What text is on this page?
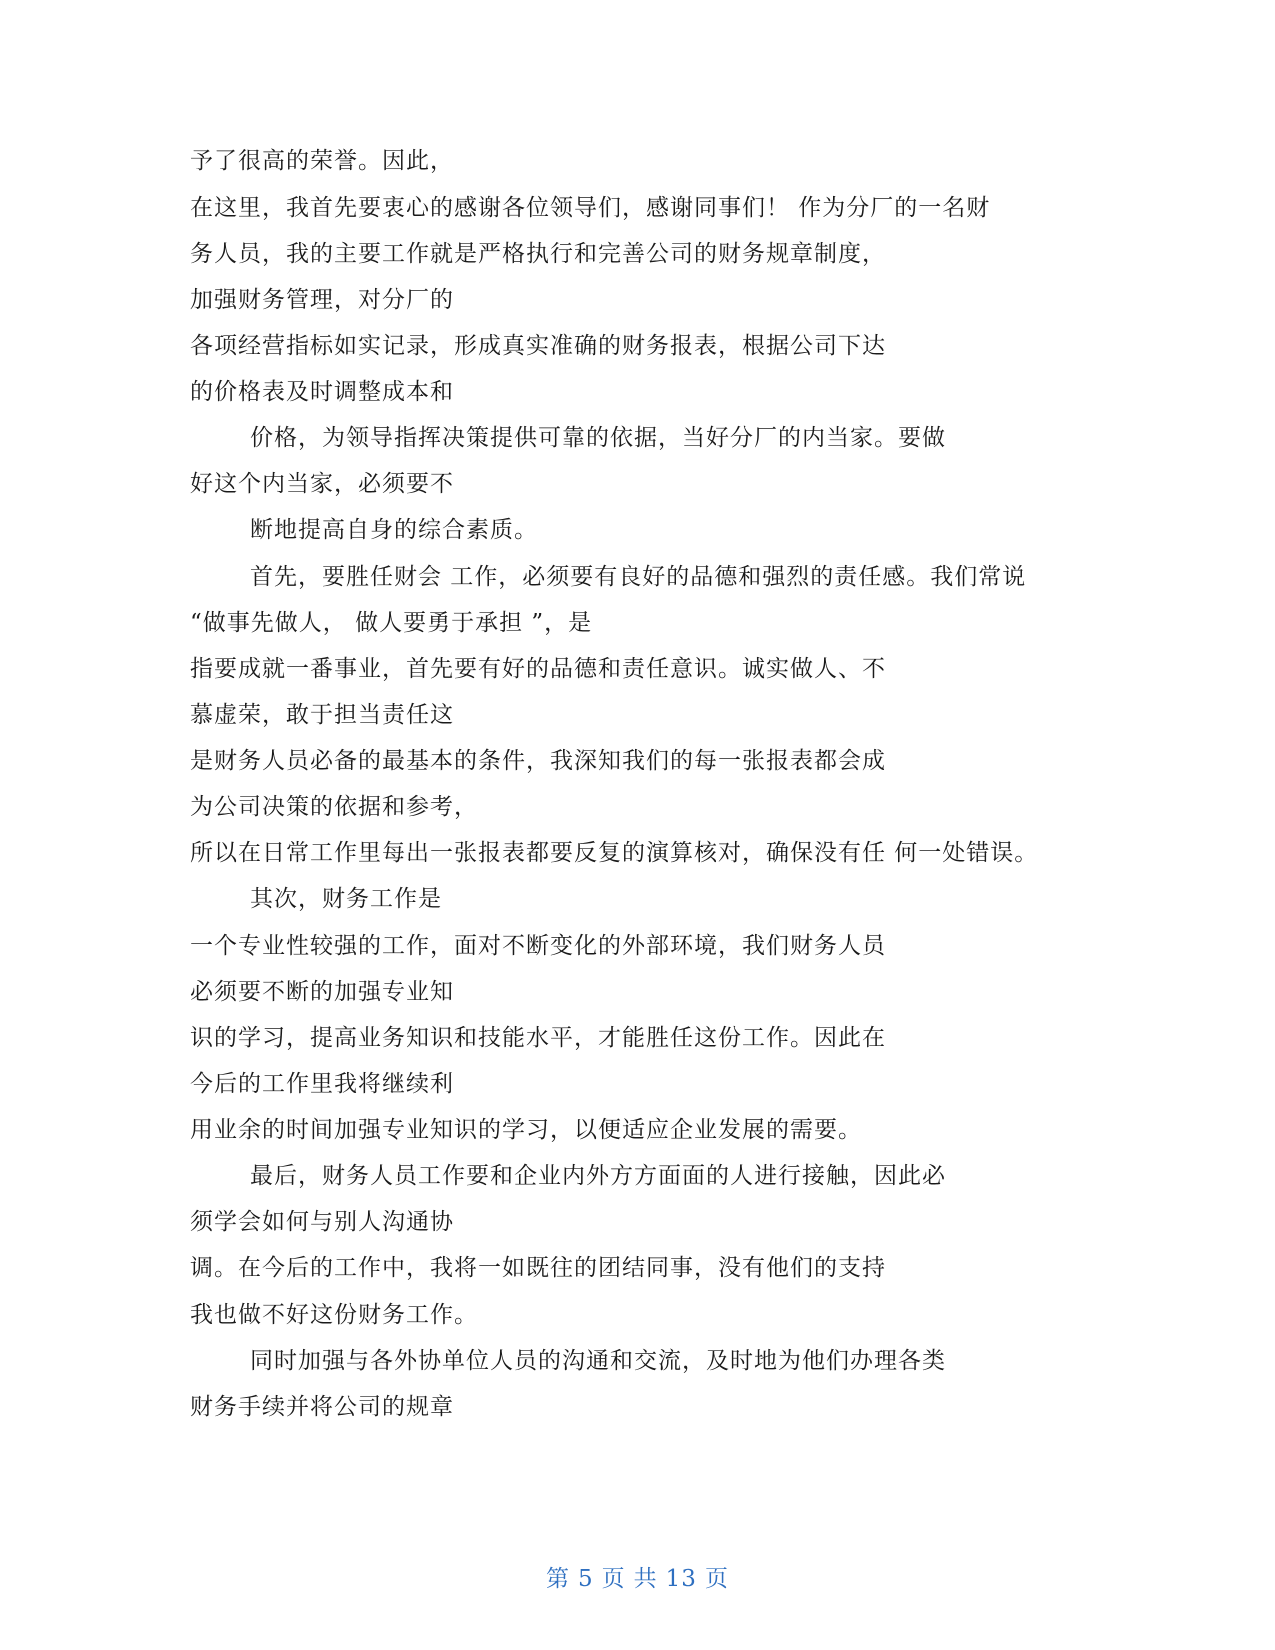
予了很高的荣誉。因此，
在这里，我首先要衷心的感谢各位领导们，感谢同事们！ 作为分厂的一名财
务人员，我的主要工作就是严格执行和完善公司的财务规章制度，
加强财务管理，对分厂的
各项经营指标如实记录，形成真实准确的财务报表，根据公司下达
的价格表及时调整成本和
价格，为领导指挥决策提供可靠的依据，当好分厂的内当家。要做
好这个内当家，必须要不
断地提高自身的综合素质。
首先，要胜任财会 工作，必须要有良好的品德和强烈的责任感。我们常说
“做事先做人， 做人要勇于承担 ”，是
指要成就一番事业，首先要有好的品德和责任意识。诚实做人、不
慕虚荣，敢于担当责任这
是财务人员必备的最基本的条件，我深知我们的每一张报表都会成
为公司决策的依据和参考，
所以在日常工作里每出一张报表都要反复的演算核对，确保没有任 何一处错误。
其次，财务工作是
一个专业性较强的工作，面对不断变化的外部环境，我们财务人员
必须要不断的加强专业知
识的学习，提高业务知识和技能水平，才能胜任这份工作。因此在
今后的工作里我将继续利
用业余的时间加强专业知识的学习，以便适应企业发展的需要。
最后，财务人员工作要和企业内外方方面面的人进行接触，因此必
须学会如何与别人沟通协
调。在今后的工作中，我将一如既往的团结同事，没有他们的支持
我也做不好这份财务工作。
同时加强与各外协单位人员的沟通和交流，及时地为他们办理各类
财务手续并将公司的规章
第 5 页 共 13 页
